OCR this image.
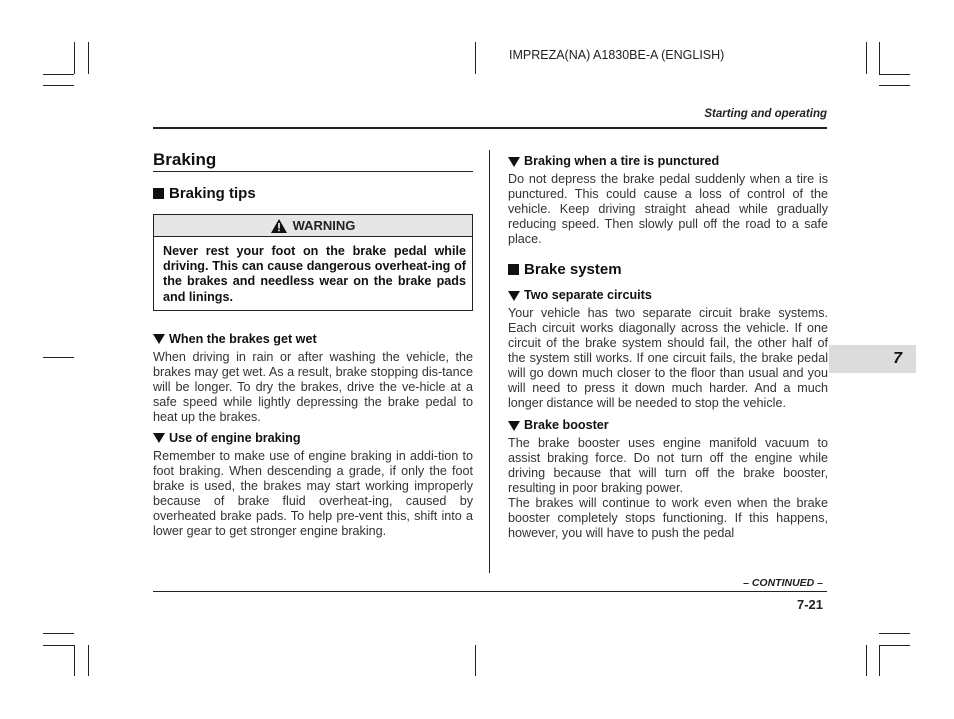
IMPREZA(NA) A1830BE-A (ENGLISH)
Starting and operating
7
Braking
Braking tips
WARNING
Never rest your foot on the brake pedal while driving. This can cause dangerous overheat-ing of the brakes and needless wear on the brake pads and linings.
When the brakes get wet

When driving in rain or after washing the vehicle, the brakes may get wet. As a result, brake stopping dis-tance will be longer. To dry the brakes, drive the ve-hicle at a safe speed while lightly depressing the brake pedal to heat up the brakes.

Use of engine braking

Remember to make use of engine braking in addi-tion to foot braking. When descending a grade, if only the foot brake is used, the brakes may start working improperly because of brake fluid overheat-ing, caused by overheated brake pads. To help pre-vent this, shift into a lower gear to get stronger engine braking.

Braking when a tire is punctured

Do not depress the brake pedal suddenly when a tire is punctured. This could cause a loss of control of the vehicle. Keep driving straight ahead while gradually reducing speed. Then slowly pull off the road to a safe place.

Brake system
Two separate circuits

Your vehicle has two separate circuit brake systems. Each circuit works diagonally across the vehicle. If one circuit of the brake system should fail, the other half of the system still works. If one circuit fails, the brake pedal will go down much closer to the floor than usual and you will need to press it down much harder. And a much longer distance will be needed to stop the vehicle.

Brake booster

The brake booster uses engine manifold vacuum to assist braking force. Do not turn off the engine while driving because that will turn off the brake booster, resulting in poor braking power.

The brakes will continue to work even when the brake booster completely stops functioning. If this happens, however, you will have to push the pedal

– CONTINUED –
7-21
